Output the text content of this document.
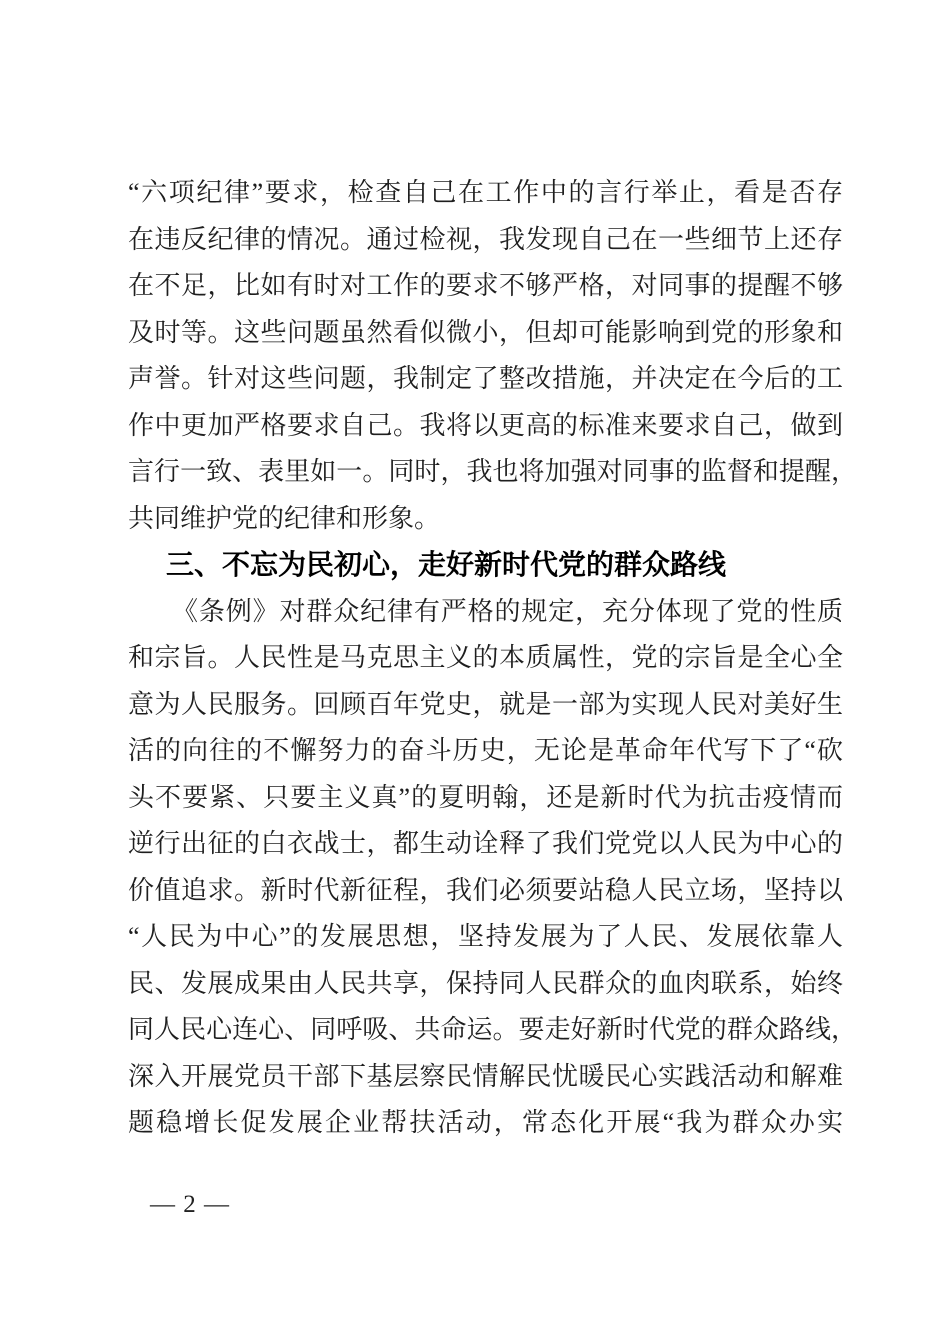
“六项纪律”要求，检查自己在工作中的言行举止，看是否存
在违反纪律的情况。通过检视，我发现自己在一些细节上还存
在不足，比如有时对工作的要求不够严格，对同事的提醒不够
及时等。这些问题虽然看似微小，但却可能影响到党的形象和
声誉。针对这些问题，我制定了整改措施，并决定在今后的工
作中更加严格要求自己。我将以更高的标准来要求自己，做到
言行一致、表里如一。同时，我也将加强对同事的监督和提醒，
共同维护党的纪律和形象。
三、不忘为民初心，走好新时代党的群众路线
《条例》对群众纪律有严格的规定，充分体现了党的性质
和宗旨。人民性是马克思主义的本质属性，党的宗旨是全心全
意为人民服务。回顾百年党史，就是一部为实现人民对美好生
活的向往的不懈努力的奋斗历史，无论是革命年代写下了“砍
头不要紧、只要主义真”的夏明翰，还是新时代为抗击疫情而
逆行出征的白衣战士，都生动诠释了我们党党以人民为中心的
价值追求。新时代新征程，我们必须要站稳人民立场，坚持以
“人民为中心”的发展思想，坚持发展为了人民、发展依靠人
民、发展成果由人民共享，保持同人民群众的血肉联系，始终
同人民心连心、同呼吸、共命运。要走好新时代党的群众路线，
深入开展党员干部下基层察民情解民忧暖民心实践活动和解难
题稳增长促发展企业帮扶活动，常态化开展“我为群众办实
— 2 —
